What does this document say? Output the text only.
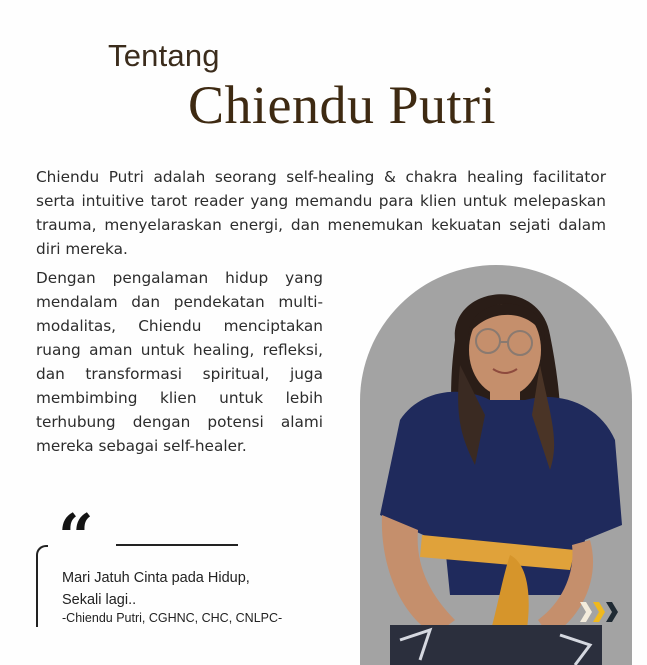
Tentang
Chiendu Putri

Chiendu Putri adalah seorang self-healing & chakra healing facilitator serta intuitive tarot reader yang memandu para klien untuk melepaskan trauma, menyelaraskan energi, dan menemukan kekuatan sejati dalam diri mereka.

Dengan pengalaman hidup yang mendalam dan pendekatan multi-modalitas, Chiendu menciptakan ruang aman untuk healing, refleksi, dan transformasi spiritual, juga membimbing klien untuk lebih terhubung dengan potensi alami mereka sebagai self-healer.

“
Mari Jatuh Cinta pada Hidup,
Sekali lagi..
-Chiendu Putri, CGHNC, CHC, CNLPC-
